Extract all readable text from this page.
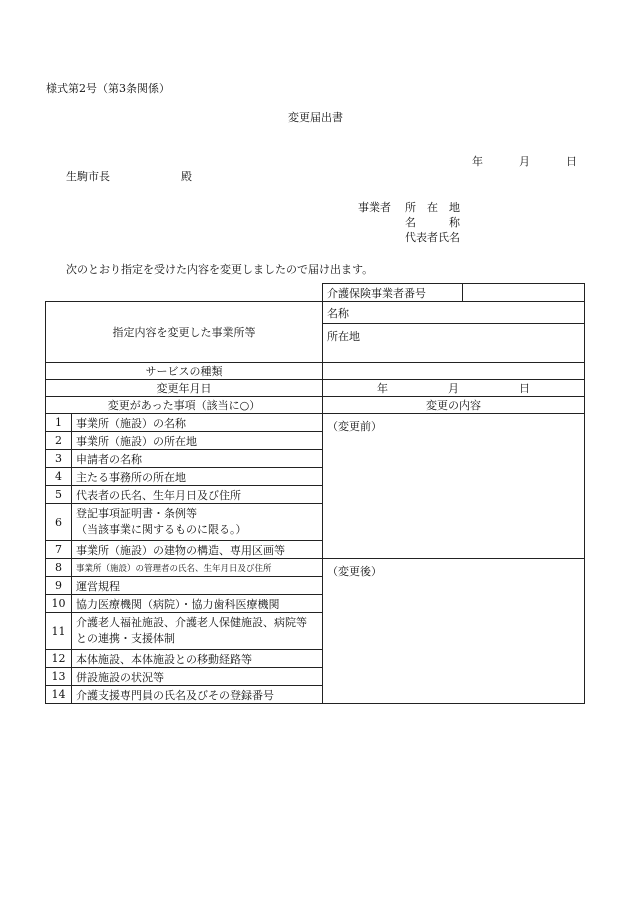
様式第2号（第3条関係）
変更届出書
年	月	日
生駒市長	殿
事業者 所　在　地
名　　　称
代表者氏名
次のとおり指定を受けた内容を変更しましたので届け出ます。
		介護保険事業者番号	
指定内容を変更した事業所等		名称	
		所在地	
サービスの種類			
変更年月日		年 月 日	

変更があった事項（該当に○）		変更の内容	
1	事業所（施設）の名称	（変更前）	
2	事業所（施設）の所在地		
3	申請者の名称		
4	主たる事務所の所在地		
5	代表者の氏名、生年月日及び住所		
6	登記事項証明書・条例等
（当該事業に関するものに限る。）		

7	事業所（施設）の建物の構造、専用区画等		
8	事業所（施設）の管理者の氏名、生年月日及び住所	（変更後）	
9	運営規程		
10	協力医療機関（病院）・協力歯科医療機関		
11	介護老人福祉施設、介護老人保健施設、病院等
との連携・支援体制		

12	本体施設、本体施設との移動経路等		
13	併設施設の状況等		
14	介護支援専門員の氏名及びその登録番号		
